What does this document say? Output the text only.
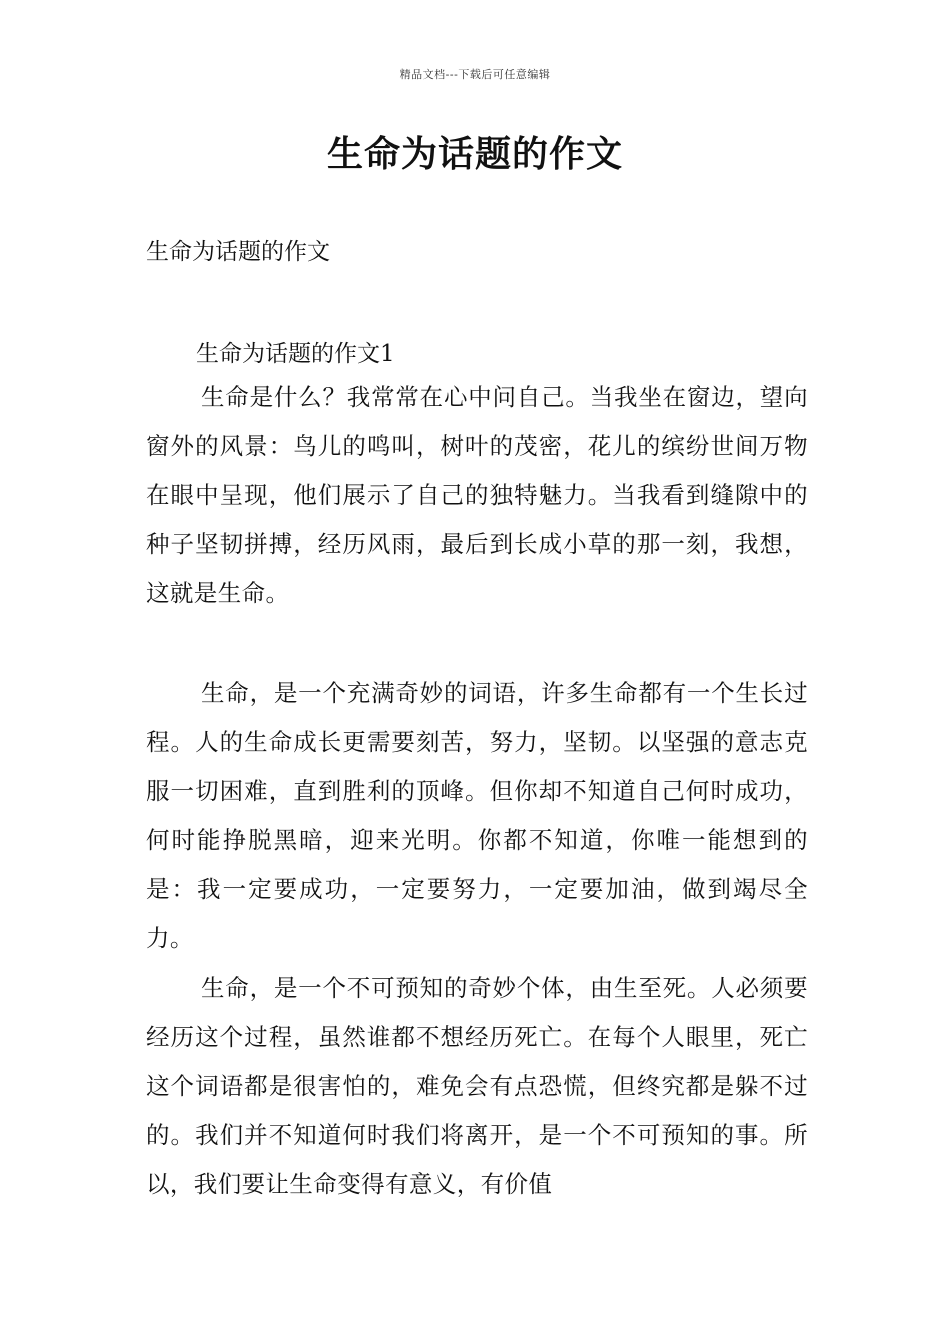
精品文档---下载后可任意编辑
生命为话题的作文

生命为话题的作文

生命为话题的作文1

生命是什么？我常常在心中问自己。当我坐在窗边，望向窗外的风景：鸟儿的鸣叫，树叶的茂密，花儿的缤纷世间万物在眼中呈现，他们展示了自己的独特魅力。当我看到缝隙中的种子坚韧拼搏，经历风雨，最后到长成小草的那一刻，我想，这就是生命。

生命，是一个充满奇妙的词语，许多生命都有一个生长过程。人的生命成长更需要刻苦，努力，坚韧。以坚强的意志克服一切困难，直到胜利的顶峰。但你却不知道自己何时成功，何时能挣脱黑暗，迎来光明。你都不知道，你唯一能想到的是：我一定要成功，一定要努力，一定要加油，做到竭尽全力。

生命，是一个不可预知的奇妙个体，由生至死。人必须要经历这个过程，虽然谁都不想经历死亡。在每个人眼里，死亡这个词语都是很害怕的，难免会有点恐慌，但终究都是躲不过的。我们并不知道何时我们将离开，是一个不可预知的事。所以，我们要让生命变得有意义，有价值
